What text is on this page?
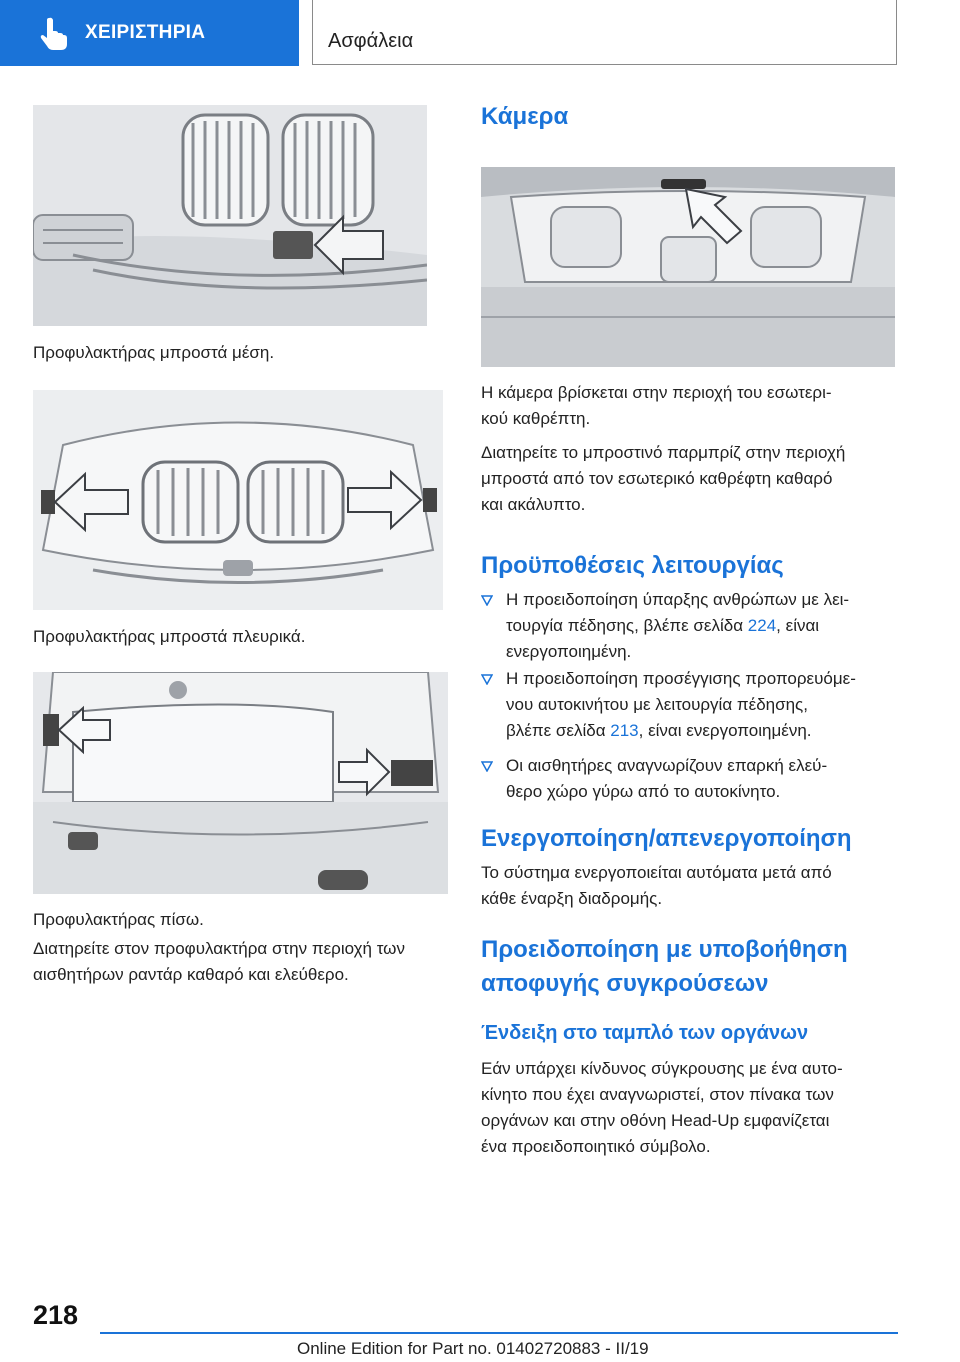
ΧΕΙΡΙΣΤΗΡΙΑ	Ασφάλεια
Προφυλακτήρας μπροστά μέση.
Προφυλακτήρας μπροστά πλευρικά.
Προφυλακτήρας πίσω.
Διατηρείτε στον προφυλακτήρα στην περιοχή των
αισθητήρων ραντάρ καθαρό και ελεύθερο.
Κάμερα
Η κάμερα βρίσκεται στην περιοχή του εσωτερι-
κού καθρέπτη.
Διατηρείτε το μπροστινό παρμπρίζ στην περιοχή
μπροστά από τον εσωτερικό καθρέφτη καθαρό
και ακάλυπτο.
Προϋποθέσεις λειτουργίας
Η προειδοποίηση ύπαρξης ανθρώπων με λει-
τουργία πέδησης, βλέπε σελίδα 224, είναι
ενεργοποιημένη.
Η προειδοποίηση προσέγγισης προπορευόμε-
νου αυτοκινήτου με λειτουργία πέδησης,
βλέπε σελίδα 213, είναι ενεργοποιημένη.
Οι αισθητήρες αναγνωρίζουν επαρκή ελεύ-
θερο χώρο γύρω από το αυτοκίνητο.
Ενεργοποίηση/απενεργοποίηση
Το σύστημα ενεργοποιείται αυτόματα μετά από
κάθε έναρξη διαδρομής.
Προειδοποίηση με υποβοήθηση
αποφυγής συγκρούσεων
Ένδειξη στο ταμπλό των οργάνων
Εάν υπάρχει κίνδυνος σύγκρουσης με ένα αυτο-
κίνητο που έχει αναγνωριστεί, στον πίνακα των
οργάνων και στην οθόνη Head-Up εμφανίζεται
ένα προειδοποιητικό σύμβολο.
218
Online Edition for Part no. 01402720883 - II/19
